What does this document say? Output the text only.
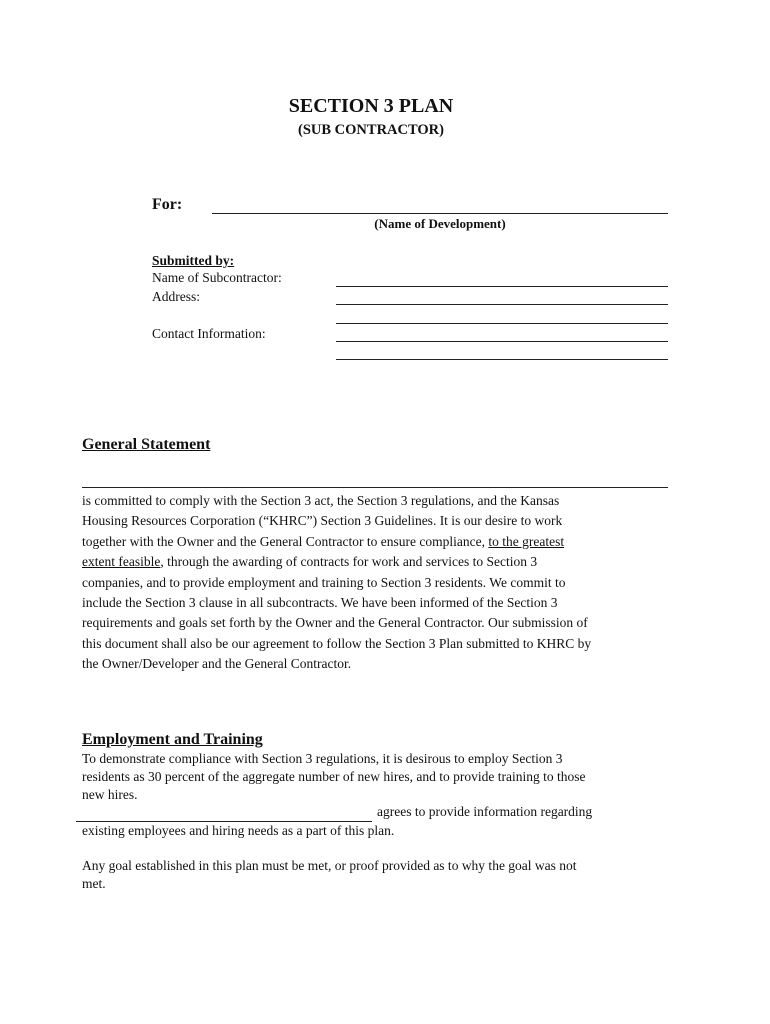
SECTION 3 PLAN
(SUB CONTRACTOR)
For:
(Name of Development)
Submitted by:
Name of Subcontractor:
Address:
Contact Information:
General Statement
is committed to comply with the Section 3 act, the Section 3 regulations, and the Kansas
Housing Resources Corporation (“KHRC”) Section 3 Guidelines. It is our desire to work
together with the Owner and the General Contractor to ensure compliance, to the greatest
extent feasible, through the awarding of contracts for work and services to Section 3
companies, and to provide employment and training to Section 3 residents. We commit to
include the Section 3 clause in all subcontracts. We have been informed of the Section 3
requirements and goals set forth by the Owner and the General Contractor. Our submission of
this document shall also be our agreement to follow the Section 3 Plan submitted to KHRC by
the Owner/Developer and the General Contractor.
Employment and Training
To demonstrate compliance with Section 3 regulations, it is desirous to employ Section 3
residents as 30 percent of the aggregate number of new hires, and to provide training to those
new hires.
agrees to provide information regarding
existing employees and hiring needs as a part of this plan.
Any goal established in this plan must be met, or proof provided as to why the goal was not
met.
